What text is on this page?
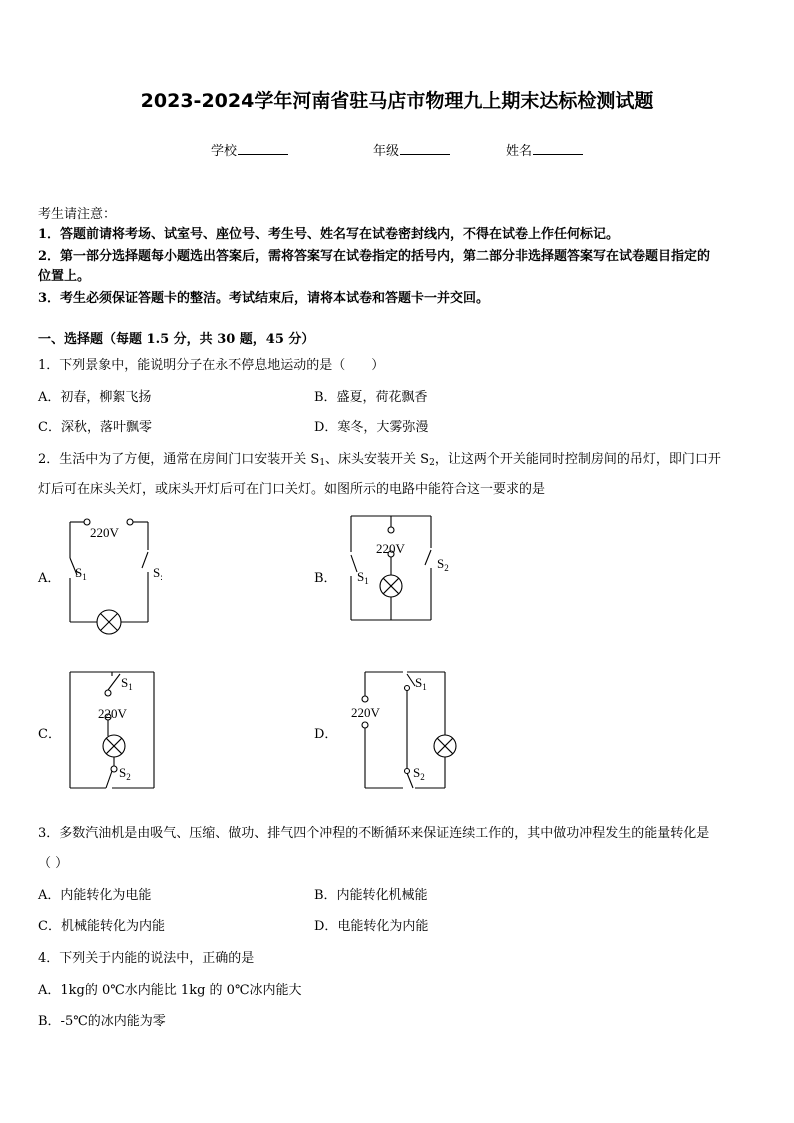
2023-2024学年河南省驻马店市物理九上期末达标检测试题
学校	年级	姓名
考生请注意：
1．答题前请将考场、试室号、座位号、考生号、姓名写在试卷密封线内，不得在试卷上作任何标记。
2．第一部分选择题每小题选出答案后，需将答案写在试卷指定的括号内，第二部分非选择题答案写在试卷题目指定的
位置上。
3．考生必须保证答题卡的整洁。考试结束后，请将本试卷和答题卡一并交回。
一、选择题（每题 1.5 分，共 30 题，45 分）
1．下列景象中，能说明分子在永不停息地运动的是（　　）
A．初春，柳絮飞扬	B．盛夏，荷花飘香
C．深秋，落叶飘零	D．寒冬，大雾弥漫
2．生活中为了方便，通常在房间门口安装开关 $S_1$、床头安装开关 $S_2$，让这两个开关能同时控制房间的吊灯，即门口开
灯后可在床头关灯，或床头开灯后可在门口关灯。如图所示的电路中能符合这一要求的是
A．
220V
$S_1$	$S_:$	B．
220V
$S_1$
$S_2$
C．
$S_1$
220V
$S_2$
D．
220V
$S_1$
$S_2$
3．多数汽油机是由吸气、压缩、做功、排气四个冲程的不断循环来保证连续工作的，其中做功冲程发生的能量转化是
（ ）
A．内能转化为电能	B．内能转化机械能
C．机械能转化为内能	D．电能转化为内能
4．下列关于内能的说法中，正确的是
A．1kg的 0℃水内能比 1kg 的 0℃冰内能大
B．-5℃的冰内能为零
